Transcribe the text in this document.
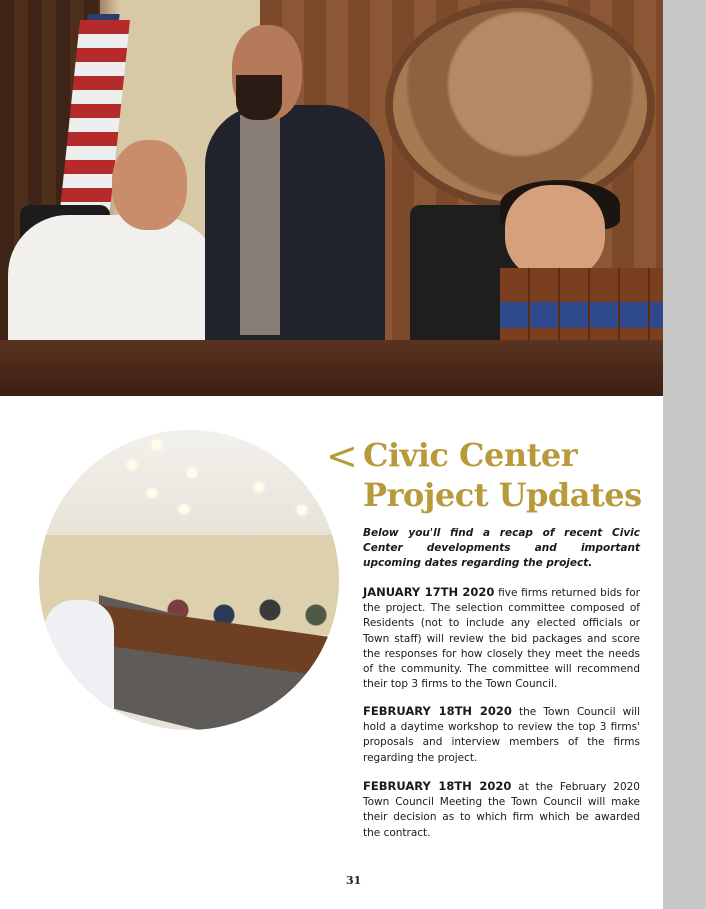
< Civic Center
Project Updates
Below you'll find a recap of recent Civic Center developments and important upcoming dates regarding the project.
JANUARY 17TH 2020 five firms returned bids for the project. The selection committee composed of Residents (not to include any elected officials or Town staff) will review the bid packages and score the responses for how closely they meet the needs of the community. The committee will recommend their top 3 firms to the Town Council.
FEBRUARY 18TH 2020 the Town Council will hold a daytime workshop to review the top 3 firms' proposals and interview members of the firms regarding the project.
FEBRUARY 18TH 2020 at the February 2020 Town Council Meeting the Town Council will make their decision as to which firm which be awarded the contract.
31
